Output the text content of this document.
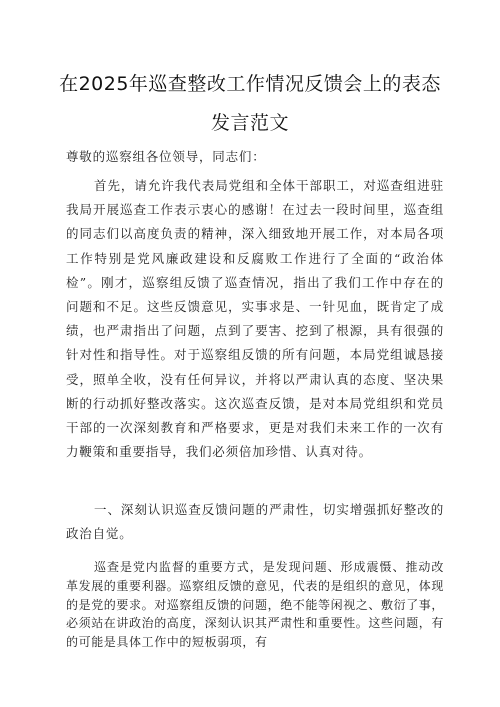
在2025年巡查整改工作情况反馈会上的表态
发言范文

尊敬的巡察组各位领导，同志们：

首先，请允许我代表局党组和全体干部职工，对巡查组进驻我局开展巡查工作表示衷心的感谢！在过去一段时间里，巡查组的同志们以高度负责的精神，深入细致地开展工作，对本局各项工作特别是党风廉政建设和反腐败工作进行了全面的“政治体检”。刚才，巡察组反馈了巡查情况，指出了我们工作中存在的问题和不足。这些反馈意见，实事求是、一针见血，既肯定了成绩，也严肃指出了问题，点到了要害、挖到了根源，具有很强的针对性和指导性。对于巡察组反馈的所有问题，本局党组诚恳接受，照单全收，没有任何异议，并将以严肃认真的态度、坚决果断的行动抓好整改落实。这次巡查反馈，是对本局党组织和党员干部的一次深刻教育和严格要求，更是对我们未来工作的一次有力鞭策和重要指导，我们必须倍加珍惜、认真对待。

一、深刻认识巡查反馈问题的严肃性，切实增强抓好整改的政治自觉。

巡查是党内监督的重要方式，是发现问题、形成震慑、推动改革发展的重要利器。巡察组反馈的意见，代表的是组织的意见，体现的是党的要求。对巡察组反馈的问题，绝不能等闲视之、敷衍了事，必须站在讲政治的高度，深刻认识其严肃性和重要性。这些问题，有的可能是具体工作中的短板弱项，有
